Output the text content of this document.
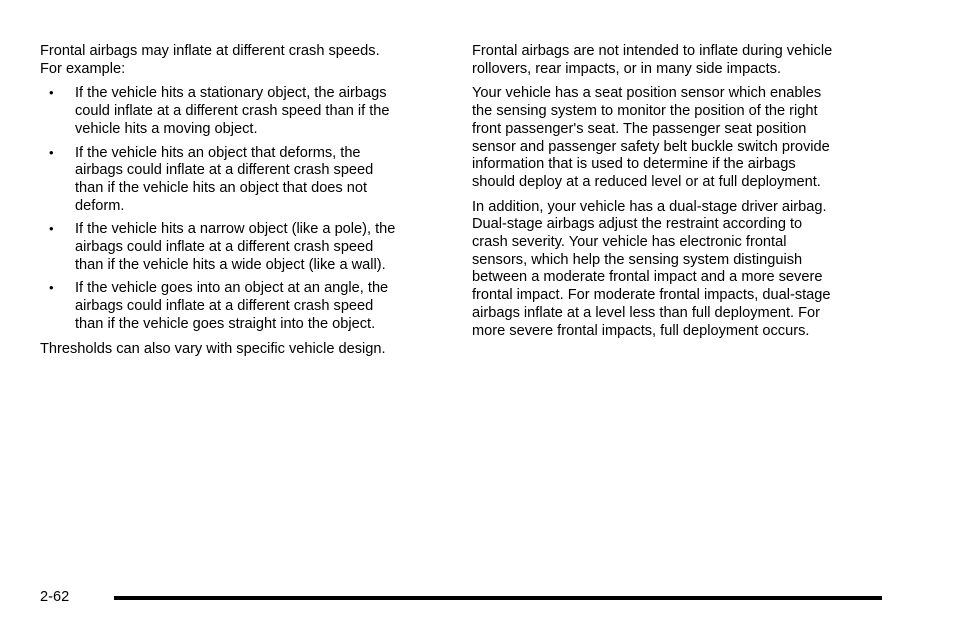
Frontal airbags may inflate at different crash speeds.
For example:

• If the vehicle hits a stationary object, the airbags
could inflate at a different crash speed than if the
vehicle hits a moving object.
• If the vehicle hits an object that deforms, the
airbags could inflate at a different crash speed
than if the vehicle hits an object that does not
deform.
• If the vehicle hits a narrow object (like a pole), the
airbags could inflate at a different crash speed
than if the vehicle hits a wide object (like a wall).
• If the vehicle goes into an object at an angle, the
airbags could inflate at a different crash speed
than if the vehicle goes straight into the object.

Thresholds can also vary with specific vehicle design.

Frontal airbags are not intended to inflate during vehicle
rollovers, rear impacts, or in many side impacts.

Your vehicle has a seat position sensor which enables
the sensing system to monitor the position of the right
front passenger's seat. The passenger seat position
sensor and passenger safety belt buckle switch provide
information that is used to determine if the airbags
should deploy at a reduced level or at full deployment.

In addition, your vehicle has a dual-stage driver airbag.
Dual-stage airbags adjust the restraint according to
crash severity. Your vehicle has electronic frontal
sensors, which help the sensing system distinguish
between a moderate frontal impact and a more severe
frontal impact. For moderate frontal impacts, dual-stage
airbags inflate at a level less than full deployment. For
more severe frontal impacts, full deployment occurs.

2-62
